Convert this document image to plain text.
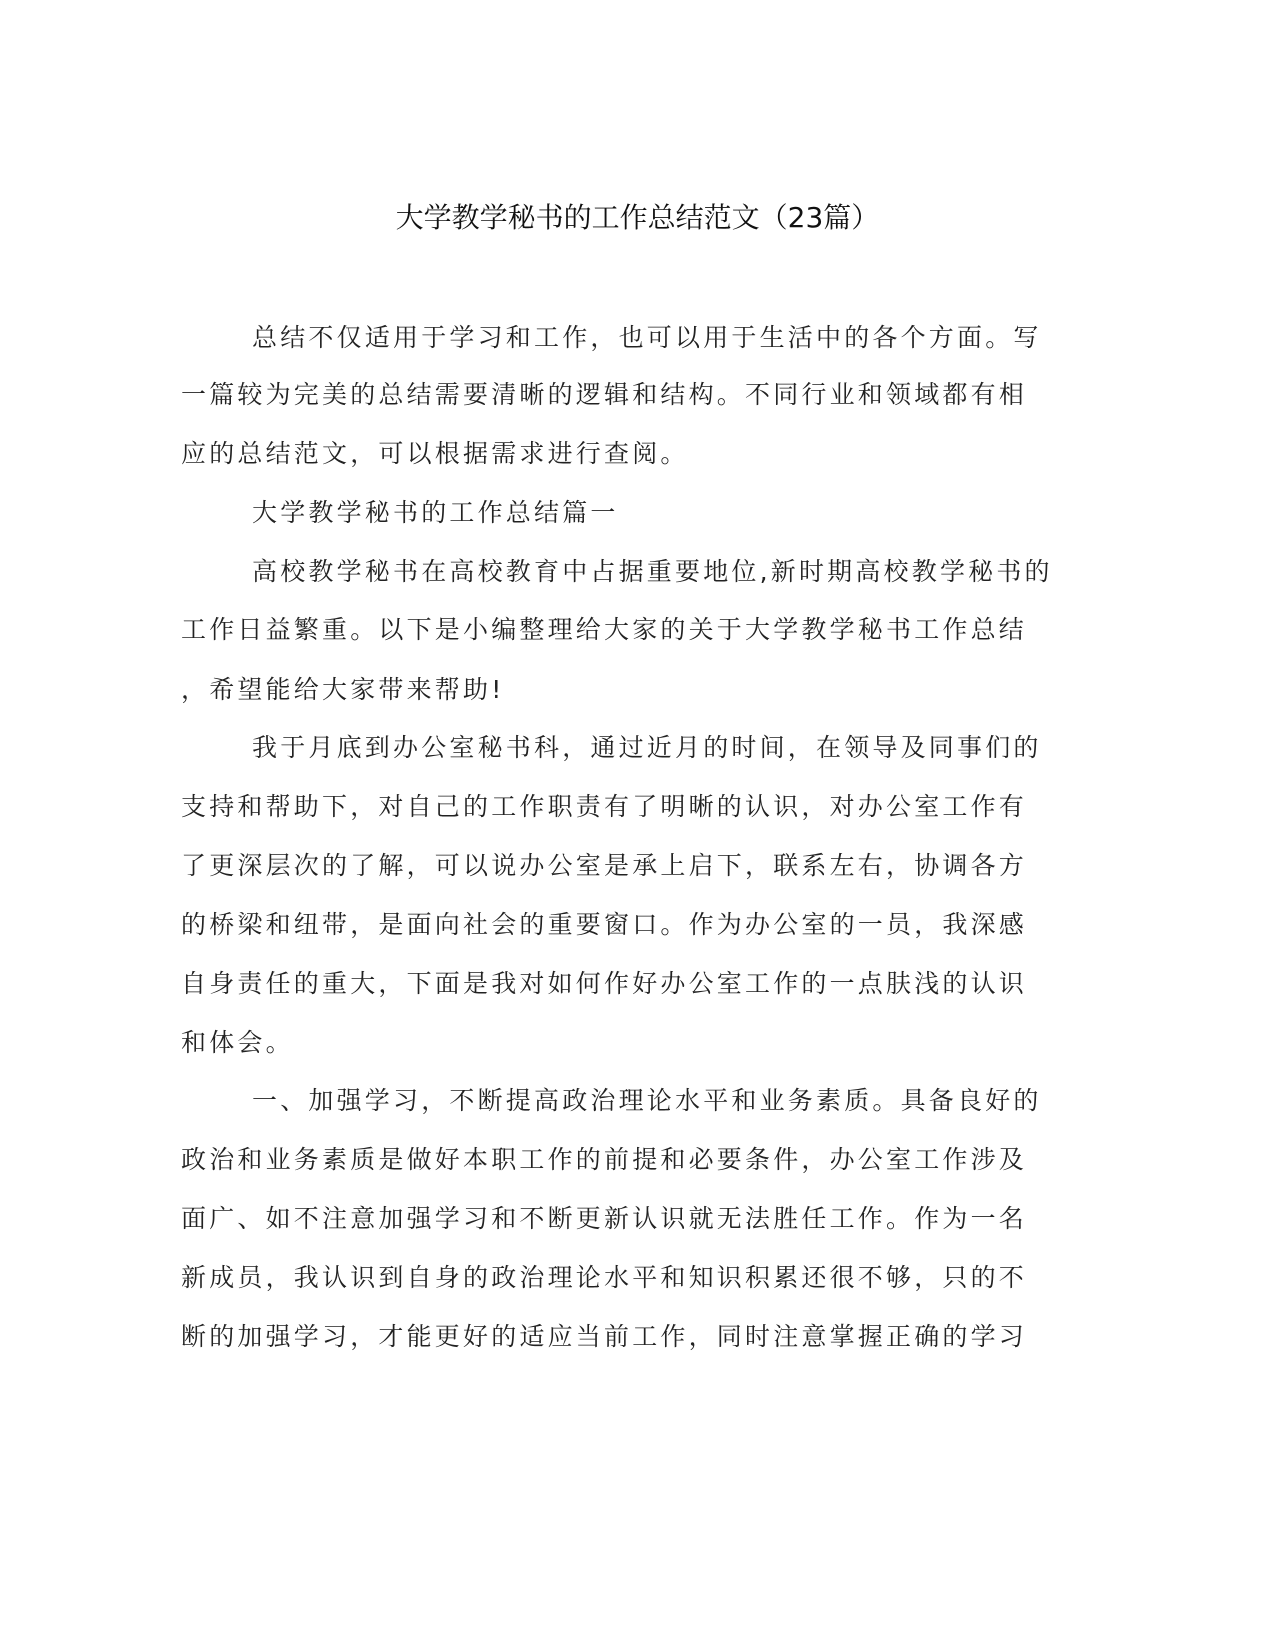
大学教学秘书的工作总结范文（23篇）
总结不仅适用于学习和工作，也可以用于生活中的各个方面。写
一篇较为完美的总结需要清晰的逻辑和结构。不同行业和领域都有相
应的总结范文，可以根据需求进行查阅。
大学教学秘书的工作总结篇一
高校教学秘书在高校教育中占据重要地位,新时期高校教学秘书的
工作日益繁重。以下是小编整理给大家的关于大学教学秘书工作总结
，希望能给大家带来帮助!
我于月底到办公室秘书科，通过近月的时间，在领导及同事们的
支持和帮助下，对自己的工作职责有了明晰的认识，对办公室工作有
了更深层次的了解，可以说办公室是承上启下，联系左右，协调各方
的桥梁和纽带，是面向社会的重要窗口。作为办公室的一员，我深感
自身责任的重大，下面是我对如何作好办公室工作的一点肤浅的认识
和体会。
一、加强学习，不断提高政治理论水平和业务素质。具备良好的
政治和业务素质是做好本职工作的前提和必要条件，办公室工作涉及
面广、如不注意加强学习和不断更新认识就无法胜任工作。作为一名
新成员，我认识到自身的政治理论水平和知识积累还很不够，只的不
断的加强学习，才能更好的适应当前工作，同时注意掌握正确的学习
